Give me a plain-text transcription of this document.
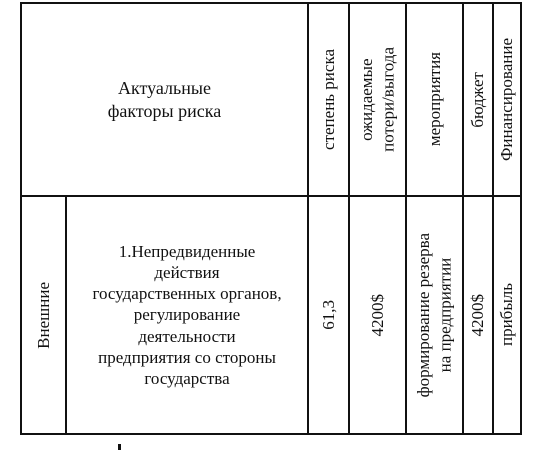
Актуальные
факторы риска	степень риска ожидаемые потери/выгода мероприятия бюджет Финансирование
Внешние
1.Непредвиденные
действия
государственных органов,
регулирование
деятельности
предприятия со стороны
государства
61,3 4200$ формирование резерва на предприятии 4200$ прибыль
